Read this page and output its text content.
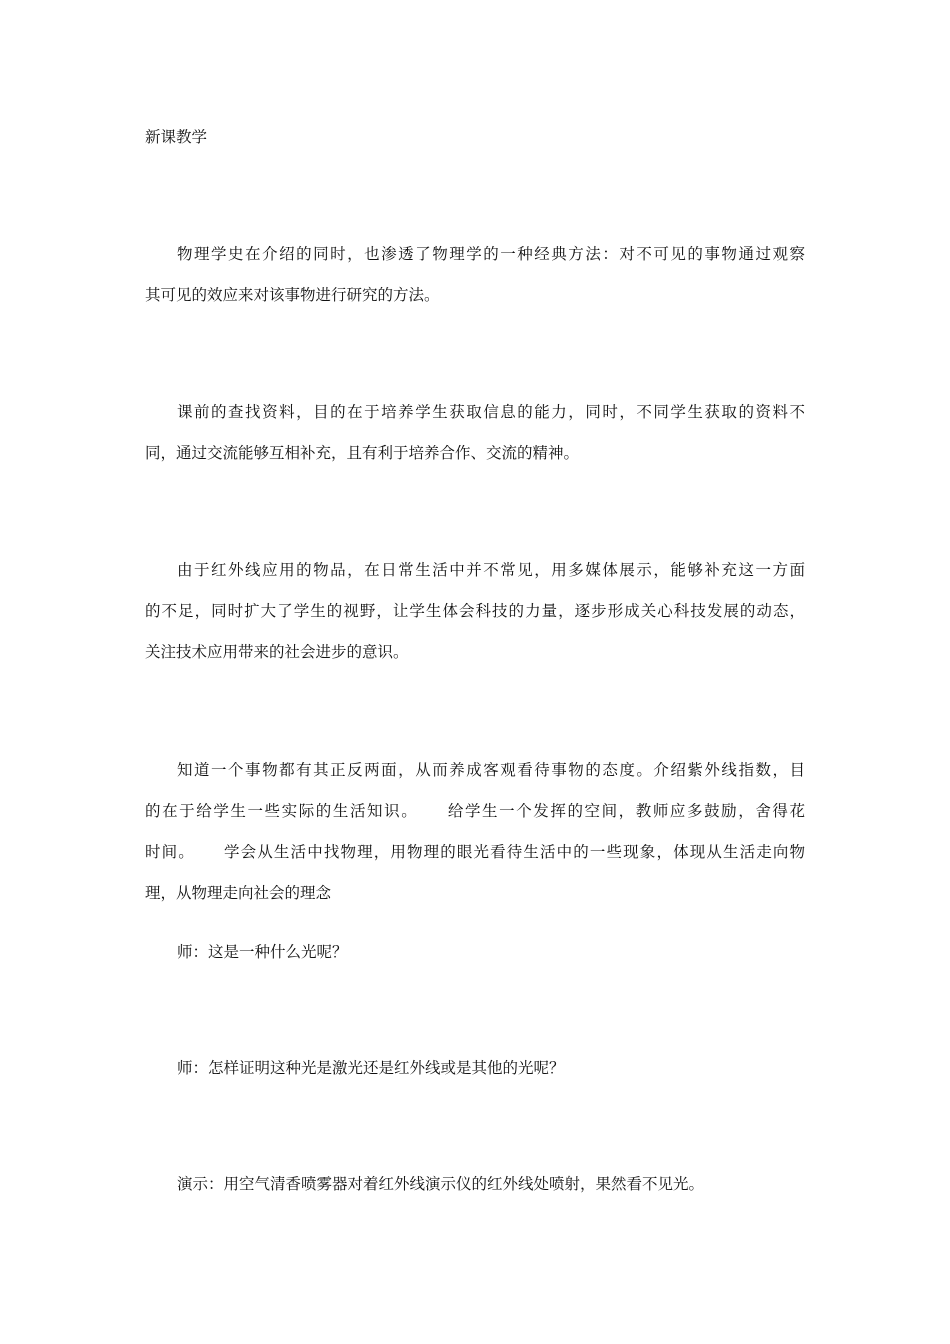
新课教学
物理学史在介绍的同时，也渗透了物理学的一种经典方法：对不可见的事物通过观察
其可见的效应来对该事物进行研究的方法。
课前的查找资料，目的在于培养学生获取信息的能力，同时，不同学生获取的资料不
同，通过交流能够互相补充，且有利于培养合作、交流的精神。
由于红外线应用的物品，在日常生活中并不常见，用多媒体展示，能够补充这一方面
的不足，同时扩大了学生的视野，让学生体会科技的力量，逐步形成关心科技发展的动态，
关注技术应用带来的社会进步的意识。
知道一个事物都有其正反两面，从而养成客观看待事物的态度。介绍紫外线指数，目
的在于给学生一些实际的生活知识。 给学生一个发挥的空间，教师应多鼓励，舍得花
时间。 学会从生活中找物理，用物理的眼光看待生活中的一些现象，体现从生活走向物
理，从物理走向社会的理念
师：这是一种什么光呢？
师：怎样证明这种光是激光还是红外线或是其他的光呢？
演示：用空气清香喷雾器对着红外线演示仪的红外线处喷射，果然看不见光。
